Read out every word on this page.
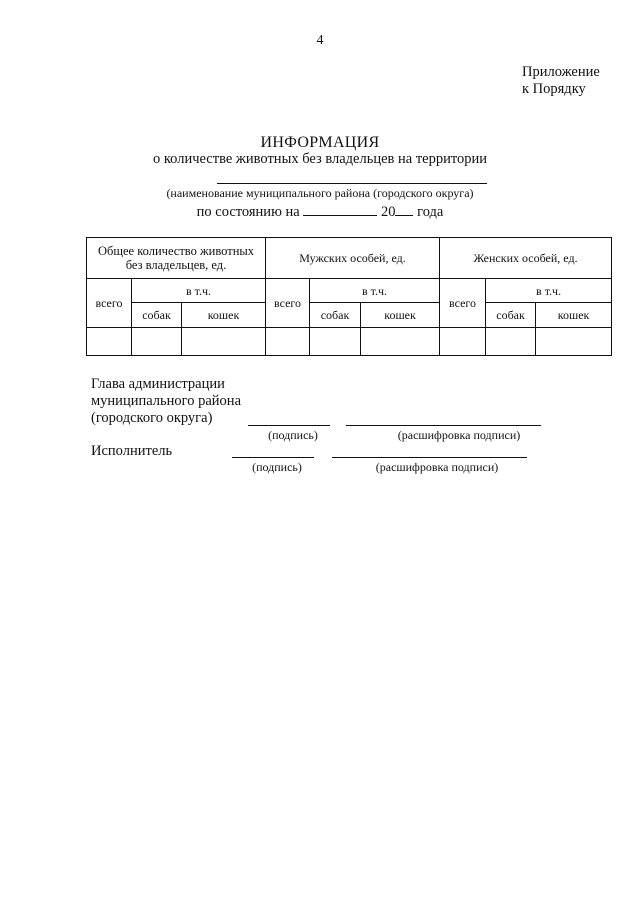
4
Приложение
к Порядку
ИНФОРМАЦИЯ
о количестве животных без владельцев на территории
(наименование муниципального района (городского округа)
по состоянию на	20 года
Общее количество животных без владельцев, ед.			Мужских особей, ед.			Женских особей, ед.		
всего	в т.ч.		всего	в т.ч.		всего	в т.ч.	
	собак	кошек		собак	кошек		собак	кошек

Глава администрации
муниципального района
(городского округа)
(подпись)	(расшифровка подписи)
Исполнитель
(подпись)	(расшифровка подписи)
